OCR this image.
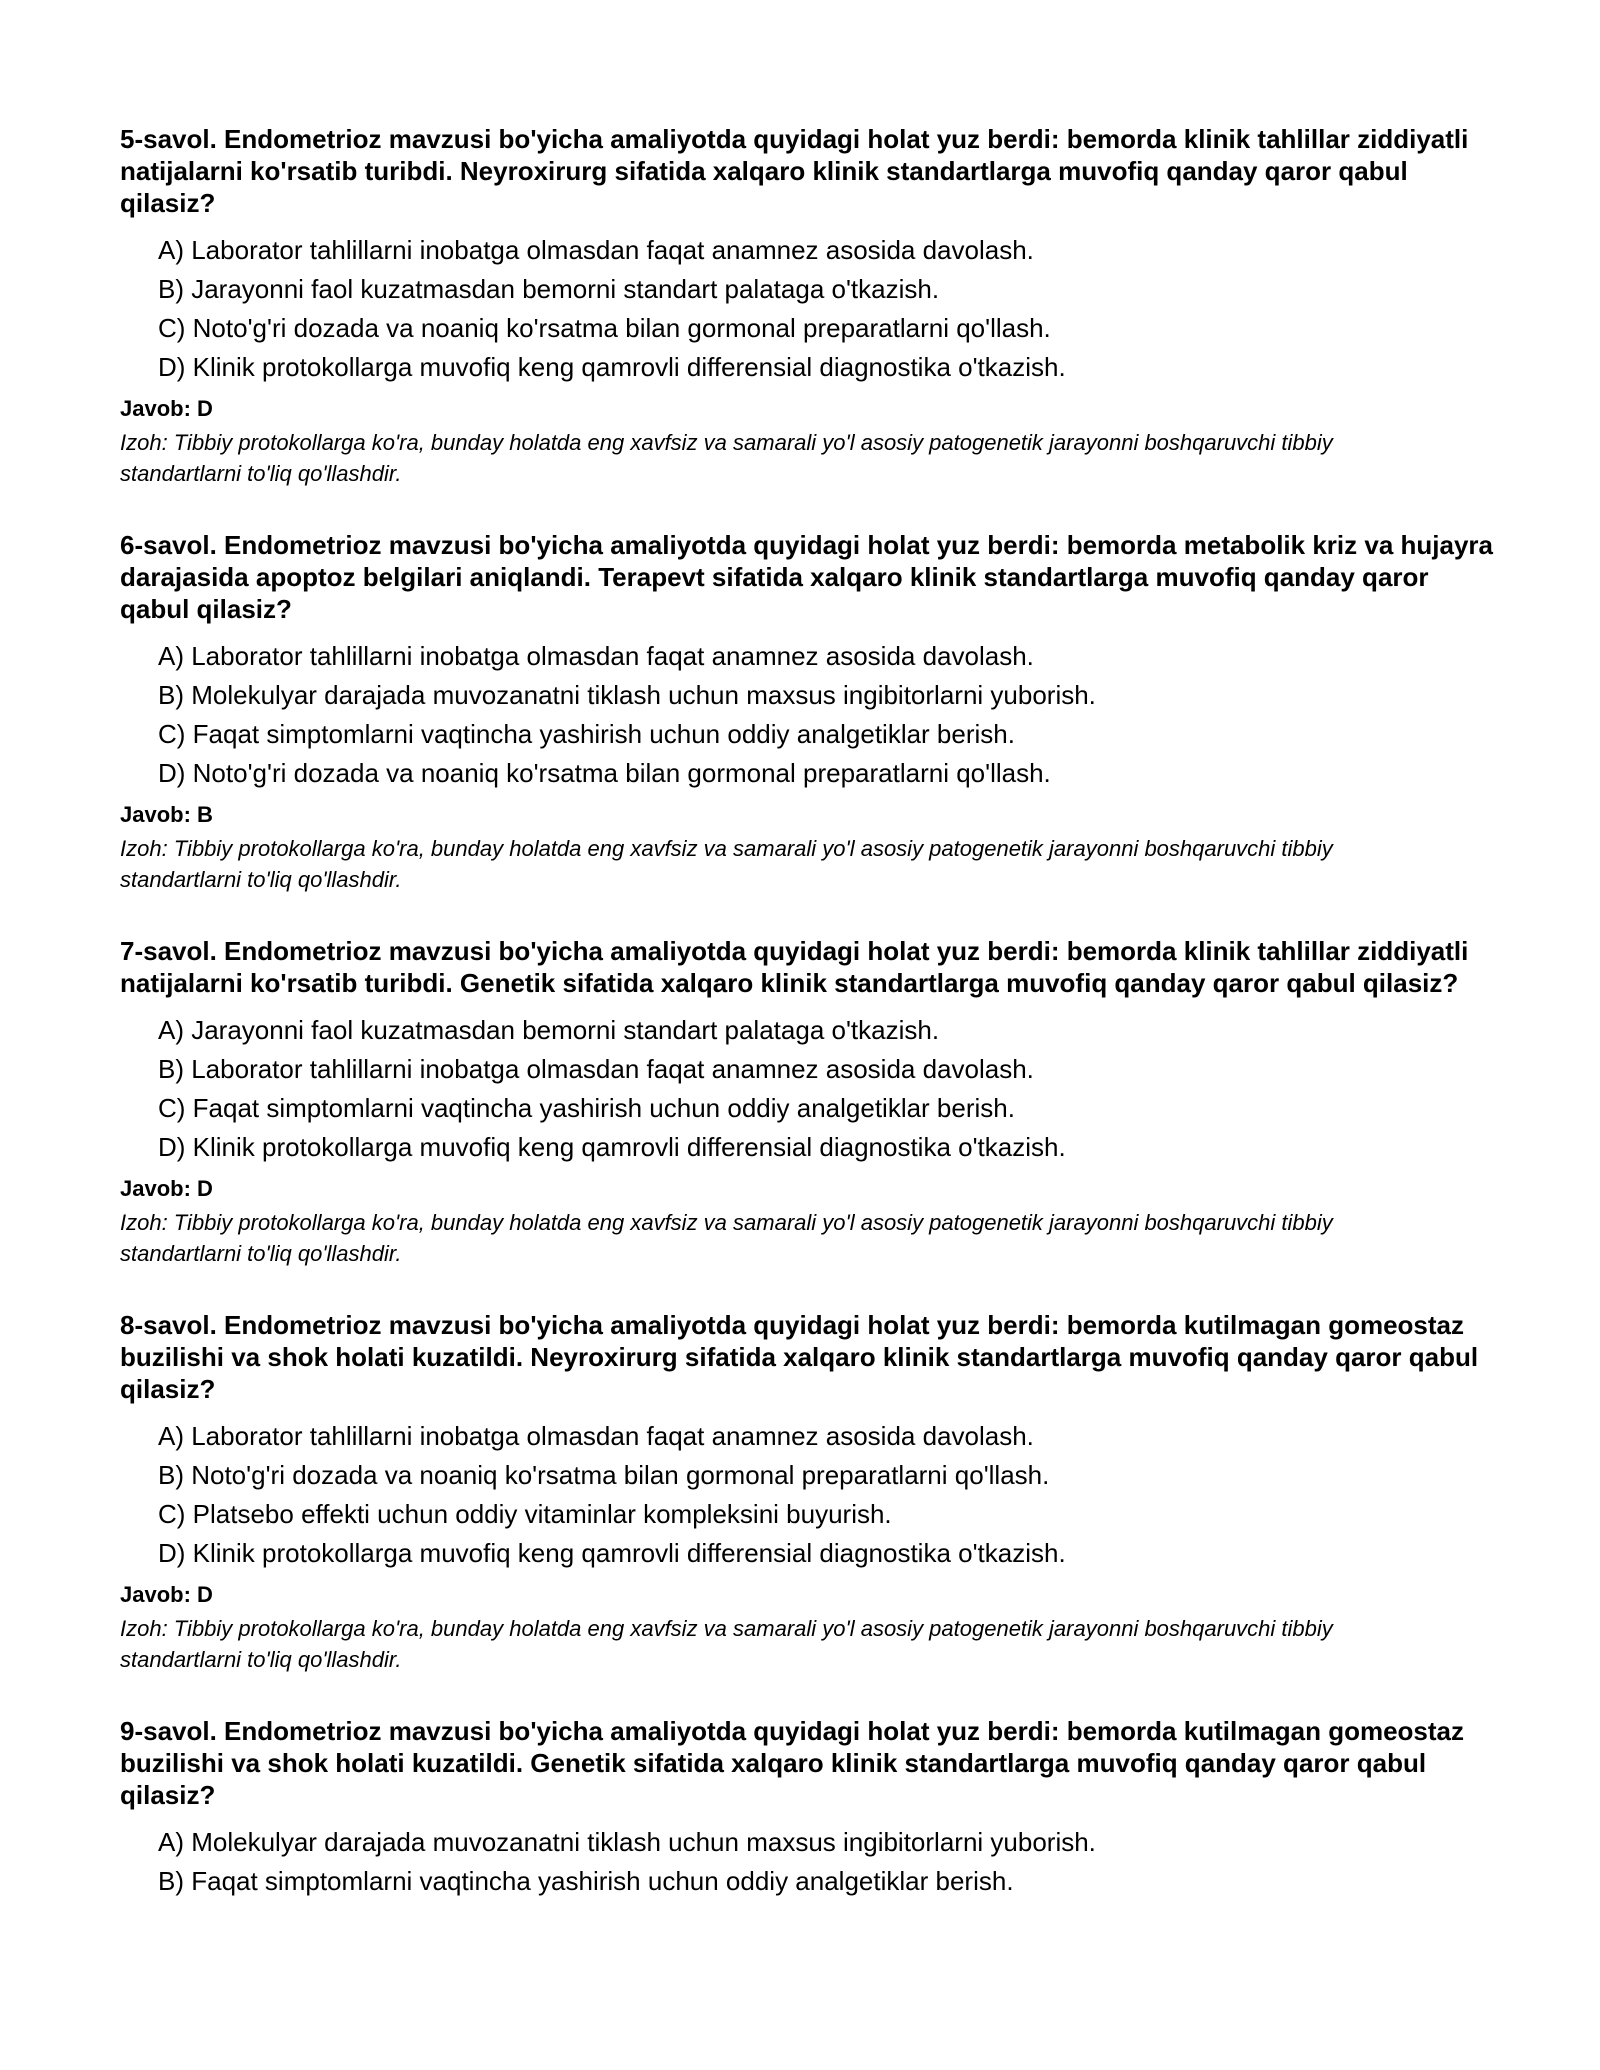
5-savol. Endometrioz mavzusi bo'yicha amaliyotda quyidagi holat yuz berdi: bemorda klinik tahlillar ziddiyatli natijalarni ko'rsatib turibdi. Neyroxirurg sifatida xalqaro klinik standartlarga muvofiq qanday qaror qabul qilasiz?

A) Laborator tahlillarni inobatga olmasdan faqat anamnez asosida davolash.
B) Jarayonni faol kuzatmasdan bemorni standart palataga o'tkazish.
C) Noto'g'ri dozada va noaniq ko'rsatma bilan gormonal preparatlarni qo'llash.
D) Klinik protokollarga muvofiq keng qamrovli differensial diagnostika o'tkazish.

Javob: D

Izoh: Tibbiy protokollarga ko'ra, bunday holatda eng xavfsiz va samarali yo'l asosiy patogenetik jarayonni boshqaruvchi tibbiy standartlarni to'liq qo'llashdir.

6-savol. Endometrioz mavzusi bo'yicha amaliyotda quyidagi holat yuz berdi: bemorda metabolik kriz va hujayra darajasida apoptoz belgilari aniqlandi. Terapevt sifatida xalqaro klinik standartlarga muvofiq qanday qaror qabul qilasiz?

A) Laborator tahlillarni inobatga olmasdan faqat anamnez asosida davolash.
B) Molekulyar darajada muvozanatni tiklash uchun maxsus ingibitorlarni yuborish.
C) Faqat simptomlarni vaqtincha yashirish uchun oddiy analgetiklar berish.
D) Noto'g'ri dozada va noaniq ko'rsatma bilan gormonal preparatlarni qo'llash.

Javob: B

Izoh: Tibbiy protokollarga ko'ra, bunday holatda eng xavfsiz va samarali yo'l asosiy patogenetik jarayonni boshqaruvchi tibbiy standartlarni to'liq qo'llashdir.

7-savol. Endometrioz mavzusi bo'yicha amaliyotda quyidagi holat yuz berdi: bemorda klinik tahlillar ziddiyatli natijalarni ko'rsatib turibdi. Genetik sifatida xalqaro klinik standartlarga muvofiq qanday qaror qabul qilasiz?

A) Jarayonni faol kuzatmasdan bemorni standart palataga o'tkazish.
B) Laborator tahlillarni inobatga olmasdan faqat anamnez asosida davolash.
C) Faqat simptomlarni vaqtincha yashirish uchun oddiy analgetiklar berish.
D) Klinik protokollarga muvofiq keng qamrovli differensial diagnostika o'tkazish.

Javob: D

Izoh: Tibbiy protokollarga ko'ra, bunday holatda eng xavfsiz va samarali yo'l asosiy patogenetik jarayonni boshqaruvchi tibbiy standartlarni to'liq qo'llashdir.

8-savol. Endometrioz mavzusi bo'yicha amaliyotda quyidagi holat yuz berdi: bemorda kutilmagan gomeostaz buzilishi va shok holati kuzatildi. Neyroxirurg sifatida xalqaro klinik standartlarga muvofiq qanday qaror qabul qilasiz?

A) Laborator tahlillarni inobatga olmasdan faqat anamnez asosida davolash.
B) Noto'g'ri dozada va noaniq ko'rsatma bilan gormonal preparatlarni qo'llash.
C) Platsebo effekti uchun oddiy vitaminlar kompleksini buyurish.
D) Klinik protokollarga muvofiq keng qamrovli differensial diagnostika o'tkazish.

Javob: D

Izoh: Tibbiy protokollarga ko'ra, bunday holatda eng xavfsiz va samarali yo'l asosiy patogenetik jarayonni boshqaruvchi tibbiy standartlarni to'liq qo'llashdir.

9-savol. Endometrioz mavzusi bo'yicha amaliyotda quyidagi holat yuz berdi: bemorda kutilmagan gomeostaz buzilishi va shok holati kuzatildi. Genetik sifatida xalqaro klinik standartlarga muvofiq qanday qaror qabul qilasiz?

A) Molekulyar darajada muvozanatni tiklash uchun maxsus ingibitorlarni yuborish.
B) Faqat simptomlarni vaqtincha yashirish uchun oddiy analgetiklar berish.
